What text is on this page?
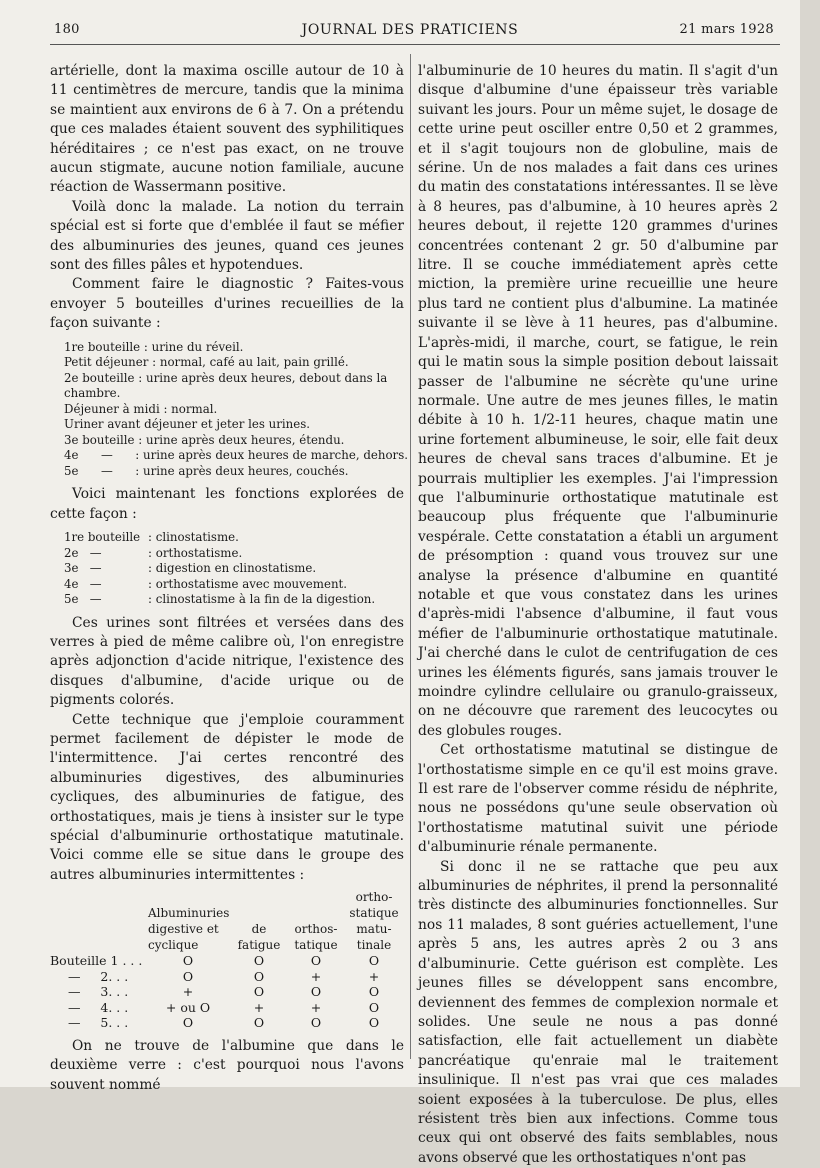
180	JOURNAL DES PRATICIENS	21 mars 1928

artérielle, dont la maxima oscille autour de 10 à 11 centimètres de mercure, tandis que la minima se maintient aux environs de 6 à 7. On a prétendu que ces malades étaient souvent des syphilitiques héréditaires ; ce n'est pas exact, on ne trouve aucun stigmate, aucune notion familiale, aucune réaction de Wassermann positive.

Voilà donc la malade. La notion du terrain spécial est si forte que d'emblée il faut se méfier des albuminuries des jeunes, quand ces jeunes sont des filles pâles et hypotendues.

Comment faire le diagnostic ? Faites-vous envoyer 5 bouteilles d'urines recueillies de la façon suivante :

1re bouteille : urine du réveil.
Petit déjeuner : normal, café au lait, pain grillé.
2e bouteille : urine après deux heures, debout dans la chambre.
Déjeuner à midi : normal.
Uriner avant déjeuner et jeter les urines.
3e bouteille : urine après deux heures, étendu.
4e      —      : urine après deux heures de marche, dehors.
5e      —      : urine après deux heures, couchés.

Voici maintenant les fonctions explorées de cette façon :

1re bouteille : clinostatisme.
2e   —	: orthostatisme.
3e   —	: digestion en clinostatisme.
4e   —	: orthostatisme avec mouvement.
5e   —	: clinostatisme à la fin de la digestion.

Ces urines sont filtrées et versées dans des verres à pied de même calibre où, l'on enregistre après adjonction d'acide nitrique, l'existence des disques d'albumine, d'acide urique ou de pigments colorés.

Cette technique que j'emploie couramment permet facilement de dépister le mode de l'intermittence. J'ai certes rencontré des albuminuries digestives, des albuminuries cycliques, des albuminuries de fatigue, des orthostatiques, mais je tiens à insister sur le type spécial d'albuminurie orthostatique matutinale. Voici comme elle se situe dans le groupe des autres albuminuries intermittentes :

	Albuminuries digestive et cyclique	de fatigue	orthos-tatique	ortho-statique matu-tinale
Bouteille 1 . . .	O	O	O	O
—     2. . .	O	O	+	+
—     3. . .	+	O	O	O
—     4. . .	+ ou O	+	+	O
—     5. . .	O	O	O	O

On ne trouve de l'albumine que dans le deuxième verre : c'est pourquoi nous l'avons souvent nommé

l'albuminurie de 10 heures du matin. Il s'agit d'un disque d'albumine d'une épaisseur très variable suivant les jours. Pour un même sujet, le dosage de cette urine peut osciller entre 0,50 et 2 grammes, et il s'agit toujours non de globuline, mais de sérine. Un de nos malades a fait dans ces urines du matin des constatations intéressantes. Il se lève à 8 heures, pas d'albumine, à 10 heures après 2 heures debout, il rejette 120 grammes d'urines concentrées contenant 2 gr. 50 d'albumine par litre. Il se couche immédiatement après cette miction, la première urine recueillie une heure plus tard ne contient plus d'albumine. La matinée suivante il se lève à 11 heures, pas d'albumine. L'après-midi, il marche, court, se fatigue, le rein qui le matin sous la simple position debout laissait passer de l'albumine ne sécrète qu'une urine normale. Une autre de mes jeunes filles, le matin débite à 10 h. 1/2-11 heures, chaque matin une urine fortement albumineuse, le soir, elle fait deux heures de cheval sans traces d'albumine. Et je pourrais multiplier les exemples. J'ai l'impression que l'albuminurie orthostatique matutinale est beaucoup plus fréquente que l'albuminurie vespérale. Cette constatation a établi un argument de présomption : quand vous trouvez sur une analyse la présence d'albumine en quantité notable et que vous constatez dans les urines d'après-midi l'absence d'albumine, il faut vous méfier de l'albuminurie orthostatique matutinale. J'ai cherché dans le culot de centrifugation de ces urines les éléments figurés, sans jamais trouver le moindre cylindre cellulaire ou granulo-graisseux, on ne découvre que rarement des leucocytes ou des globules rouges.

Cet orthostatisme matutinal se distingue de l'orthostatisme simple en ce qu'il est moins grave. Il est rare de l'observer comme résidu de néphrite, nous ne possédons qu'une seule observation où l'orthostatisme matutinal suivit une période d'albuminurie rénale permanente.

Si donc il ne se rattache que peu aux albuminuries de néphrites, il prend la personnalité très distincte des albuminuries fonctionnelles. Sur nos 11 malades, 8 sont guéries actuellement, l'une après 5 ans, les autres après 2 ou 3 ans d'albuminurie. Cette guérison est complète. Les jeunes filles se développent sans encombre, deviennent des femmes de complexion normale et solides. Une seule ne nous a pas donné satisfaction, elle fait actuellement un diabète pancréatique qu'enraie mal le traitement insulinique. Il n'est pas vrai que ces malades soient exposées à la tuberculose. De plus, elles résistent très bien aux infections. Comme tous ceux qui ont observé des faits semblables, nous avons observé que les orthostatiques n'ont pas
